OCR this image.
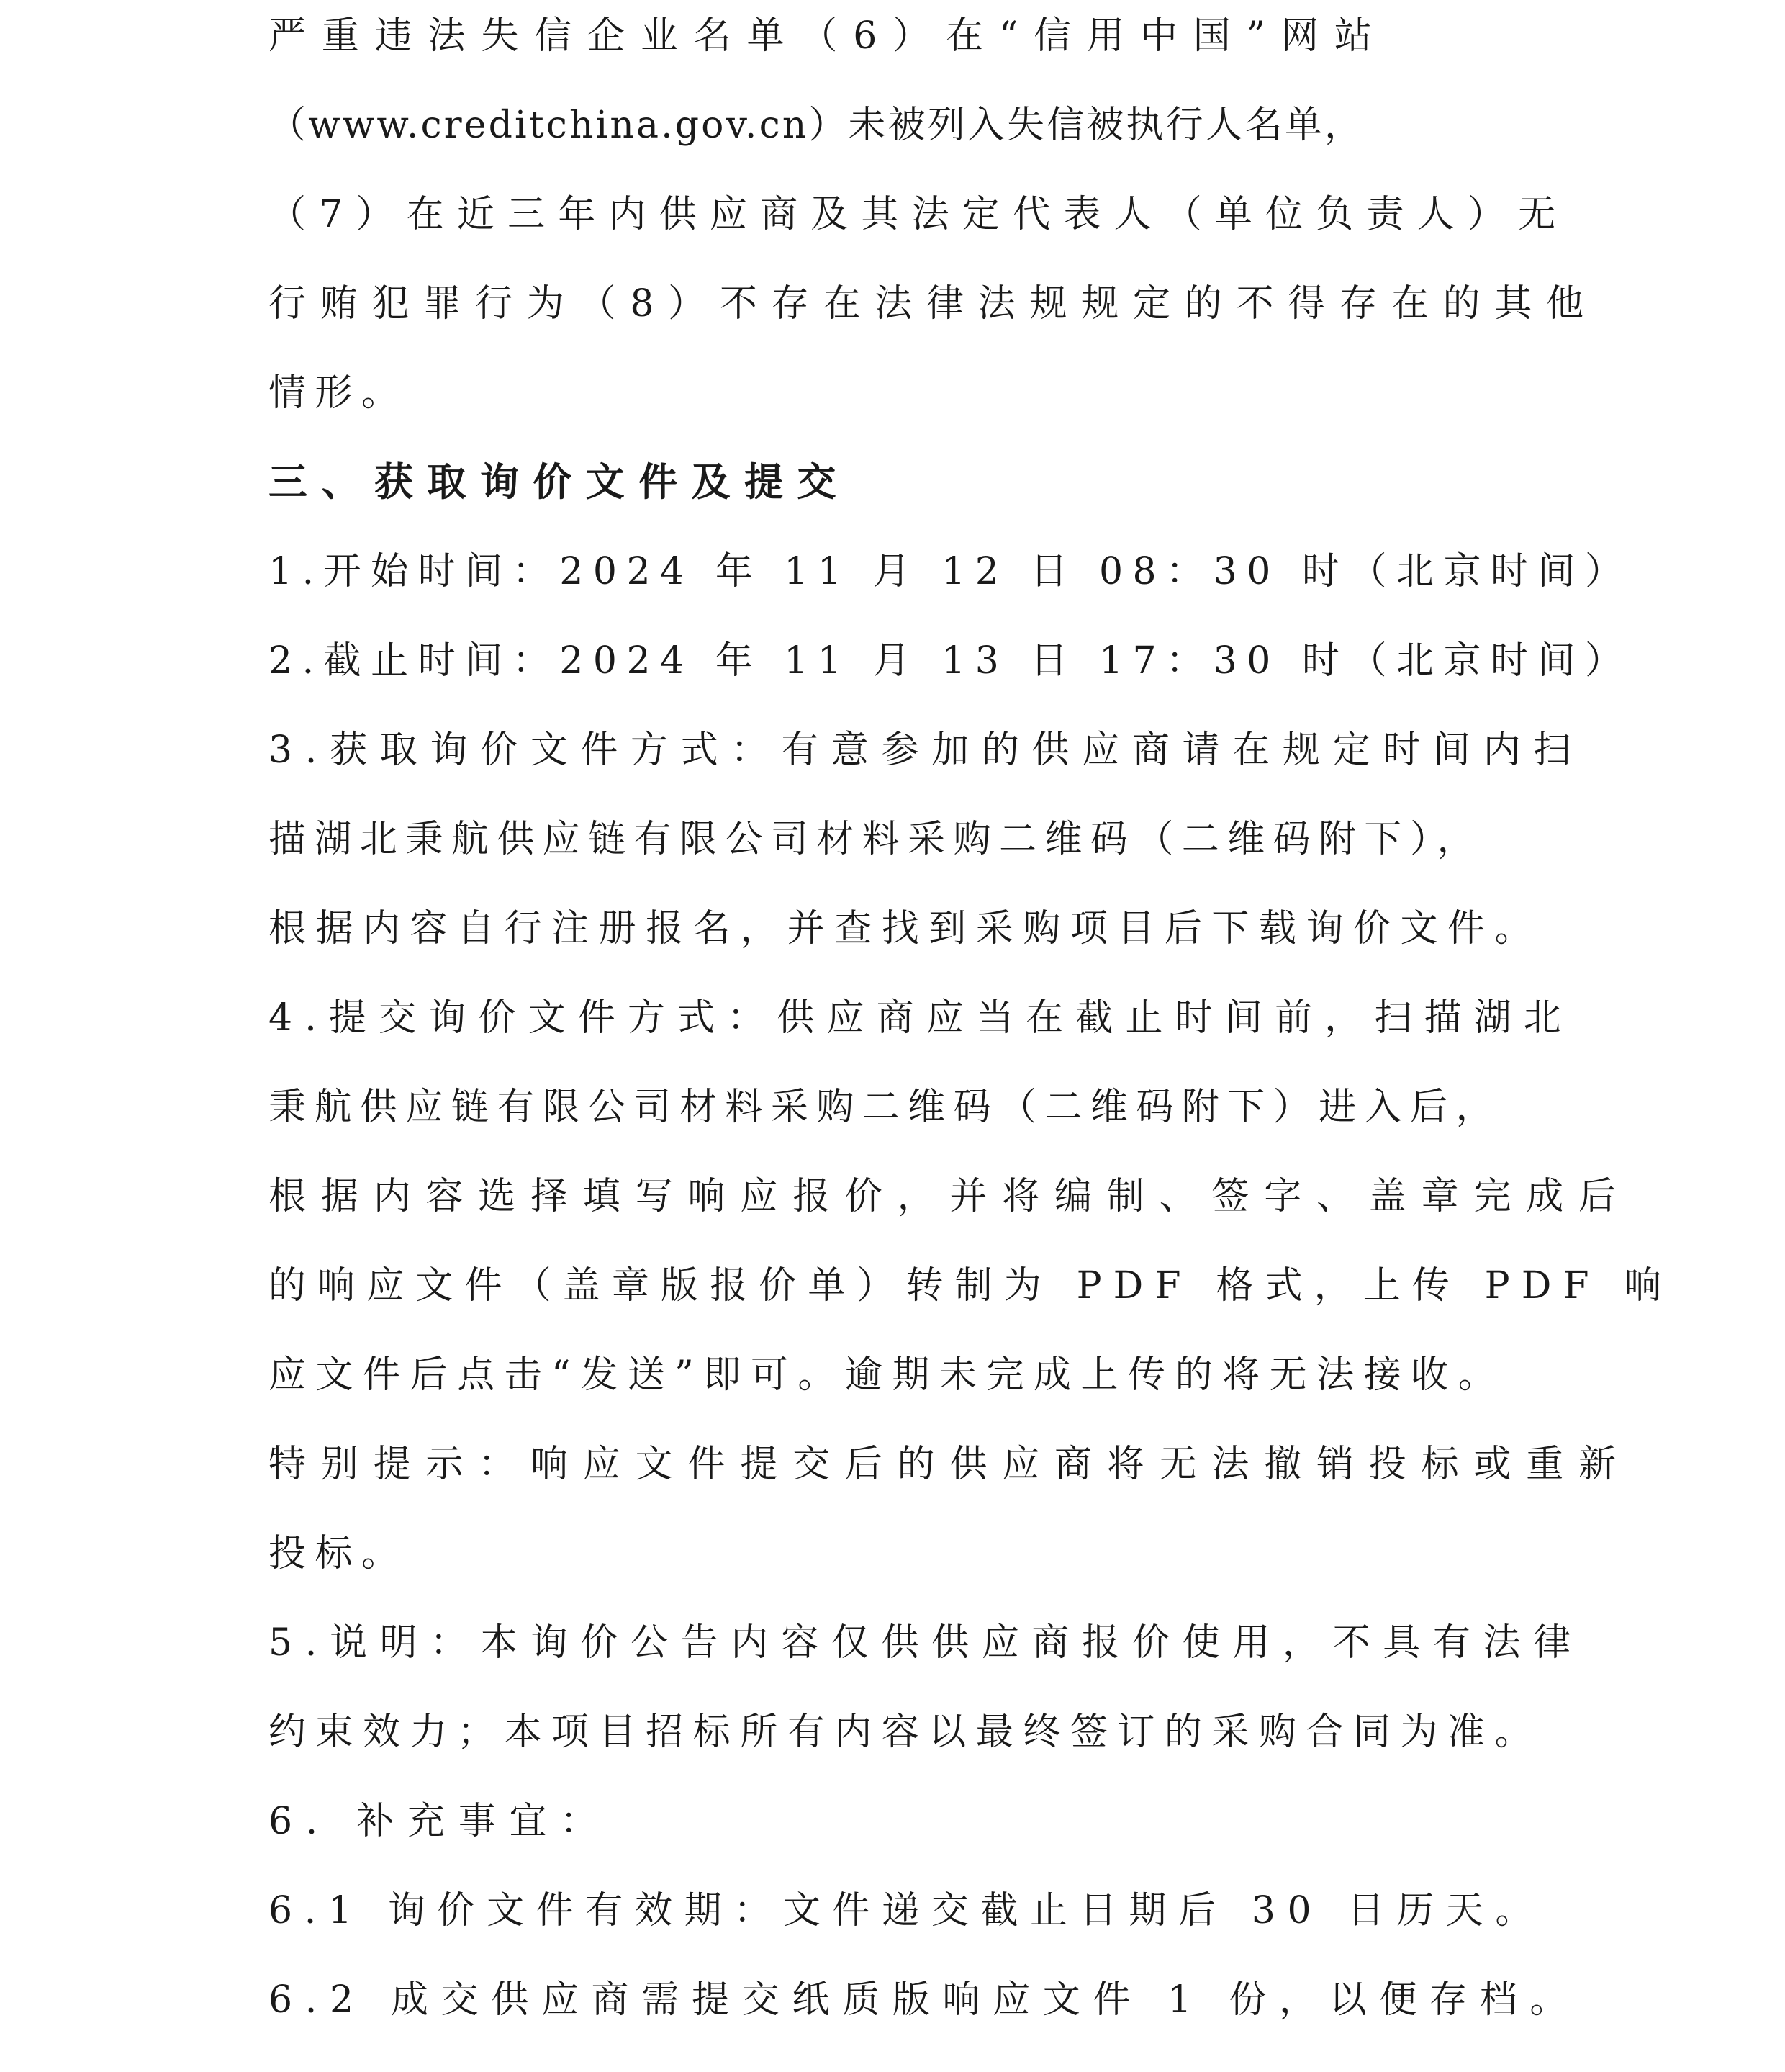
严重违法失信企业名单（6）在“信用中国”网站
（www.creditchina.gov.cn）未被列入失信被执行人名单，
（7）在近三年内供应商及其法定代表人（单位负责人）无
行贿犯罪行为（8）不存在法律法规规定的不得存在的其他
情形。
三、获取询价文件及提交
1.开始时间：2024 年 11 月 12 日 08：30 时（北京时间）
2.截止时间：2024 年 11 月 13 日 17：30 时（北京时间）
3.获取询价文件方式：有意参加的供应商请在规定时间内扫
描湖北秉航供应链有限公司材料采购二维码（二维码附下），
根据内容自行注册报名，并查找到采购项目后下载询价文件。
4.提交询价文件方式：供应商应当在截止时间前，扫描湖北
秉航供应链有限公司材料采购二维码（二维码附下）进入后，
根据内容选择填写响应报价，并将编制、签字、盖章完成后
的响应文件（盖章版报价单）转制为 PDF 格式，上传 PDF 响
应文件后点击“发送”即可。逾期未完成上传的将无法接收。
特别提示：响应文件提交后的供应商将无法撤销投标或重新
投标。
5.说明：本询价公告内容仅供供应商报价使用，不具有法律
约束效力；本项目招标所有内容以最终签订的采购合同为准。
6. 补充事宜：
6.1 询价文件有效期：文件递交截止日期后 30 日历天。
6.2 成交供应商需提交纸质版响应文件 1 份，以便存档。
